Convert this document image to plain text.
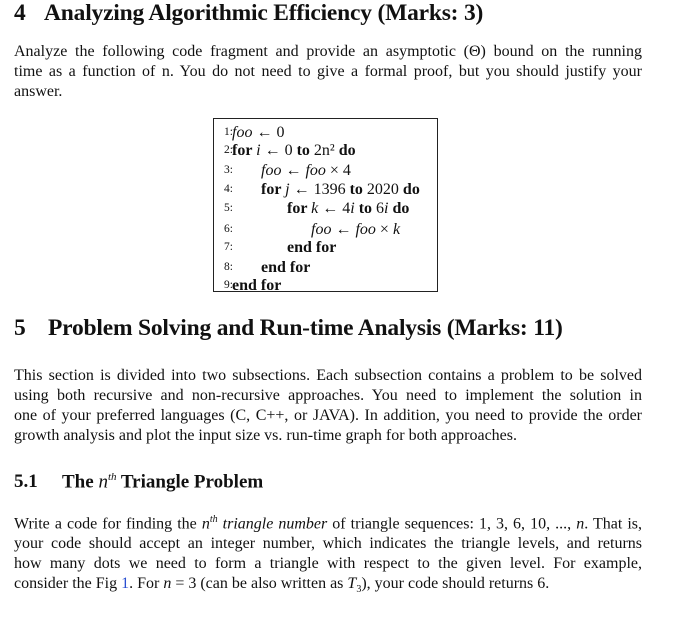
4 Analyzing Algorithmic Efficiency (Marks: 3)
Analyze the following code fragment and provide an asymptotic (Θ) bound on the running
time as a function of n. You do not need to give a formal proof, but you should justify your
answer.
1: foo ← 0
2: for i ← 0 to 2n² do
3: foo ← foo × 4
4: for j ← 1396 to 2020 do
5:	for k ← 4i to 6i do
6:	foo ← foo × k
7:	end for
8: end for
9: end for
5 Problem Solving and Run-time Analysis (Marks: 11)
This section is divided into two subsections. Each subsection contains a problem to be solved
using both recursive and non-recursive approaches. You need to implement the solution in
one of your preferred languages (C, C++, or JAVA). In addition, you need to provide the order
growth analysis and plot the input size vs. run-time graph for both approaches.
5.1 The $n^{th}$ Triangle Problem
Write a code for finding the $n^{th}$ triangle number of triangle sequences: 1, 3, 6, 10, ..., n. That is,
your code should accept an integer number, which indicates the triangle levels, and returns
how many dots we need to form a triangle with respect to the given level. For example,
consider the Fig 1. For n = 3 (can be also written as $T_3$), your code should returns 6.
